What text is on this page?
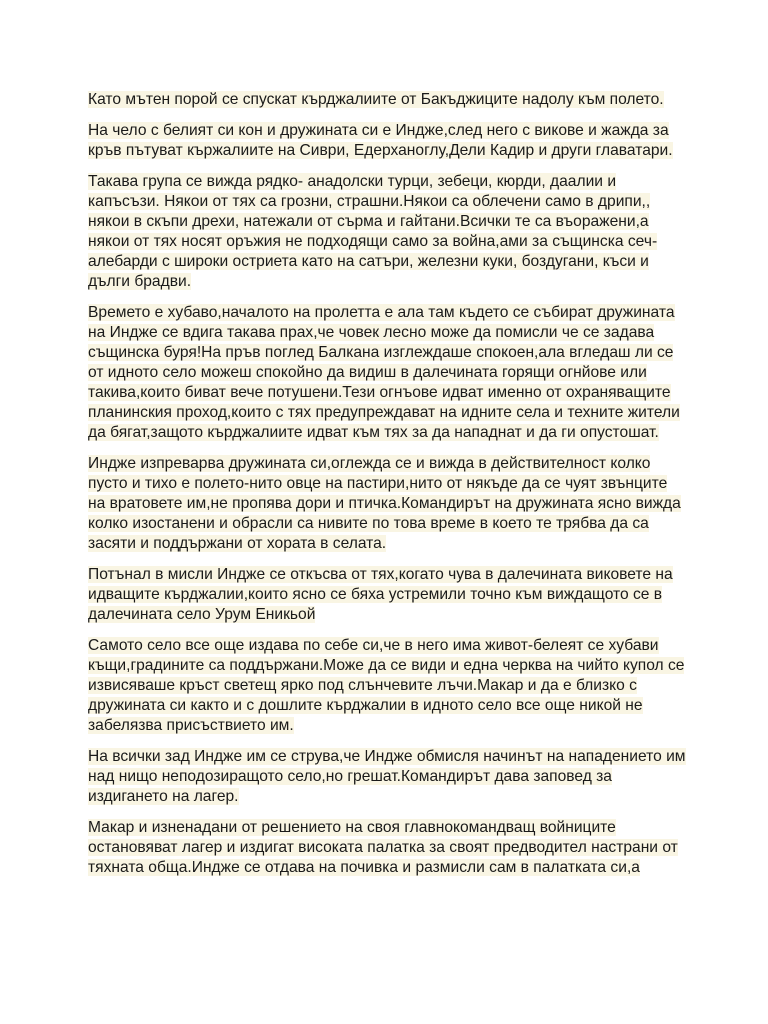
Като мътен порой се спускат кърджалиите от Бакъджиците надолу към полето.

На чело с белият си кон и дружината си е Индже,след него с викове и жажда за кръв пътуват кържалиите на Сиври, Едерханоглу,Дели Кадир и други главатари.

Такава група се вижда рядко- анадолски турци, зебеци, кюрди, даалии и капъсъзи. Някои от тях са грозни, страшни.Някои са облечени само в дрипи,, някои в скъпи дрехи, натежали от сърма и гайтани.Всички те са въоражени,а някои от тях носят оръжия не подходящи само за война,ами за същинска сеч-алебарди с широки остриета като на сатъри, железни куки, боздугани, къси и дълги брадви.

Времето е хубаво,началото на пролетта е ала там където се събират дружината на Индже се вдига такава прах,че човек лесно може да помисли че се задава същинска буря!На пръв поглед Балкана изглеждаше спокоен,ала вгледаш ли се от идното село можеш спокойно да видиш в далечината горящи огнйове или такива,които биват вече потушени.Тези огнъове идват именно от охраняващите планинския проход,които с тях предупреждават на идните села и техните жители да бягат,защото кърджалиите идват към тях за да нападнат и да ги опустошат.

Индже изпреварва дружината си,оглежда се и вижда в действителност колко пусто и тихо е полето-нито овце на пастири,нито от някъде да се чуят звънците на вратовете им,не пропява дори и птичка.Командирът на дружината ясно вижда колко изостанени и обрасли са нивите по това време в което те трябва да са засяти и поддържани от хората в селата.

Потънал в мисли Индже се откъсва от тях,когато чува в далечината виковете на идващите кърджалии,които ясно се бяха устремили точно към виждащото се в далечината село Урум Еникьой

Самото село все още издава по себе си,че в него има живот-белеят се хубави къщи,градините са поддържани.Може да се види и една черква на чийто купол се извисяваше кръст светещ ярко под слънчевите лъчи.Макар и да е близко с дружината си както и с дошлите кърджалии в идното село все още никой не забелязва присъствието им.

На всички зад Индже им се струва,че Индже обмисля начинът на нападението им над нищо неподозиращото село,но грешат.Командирът дава заповед за издигането на лагер.

Макар и изненадани от решението на своя главнокомандващ войниците остановяват лагер и издигат високата палатка за своят предводител настрани от тяхната обща.Индже се отдава на почивка и размисли сам в палатката си,а
